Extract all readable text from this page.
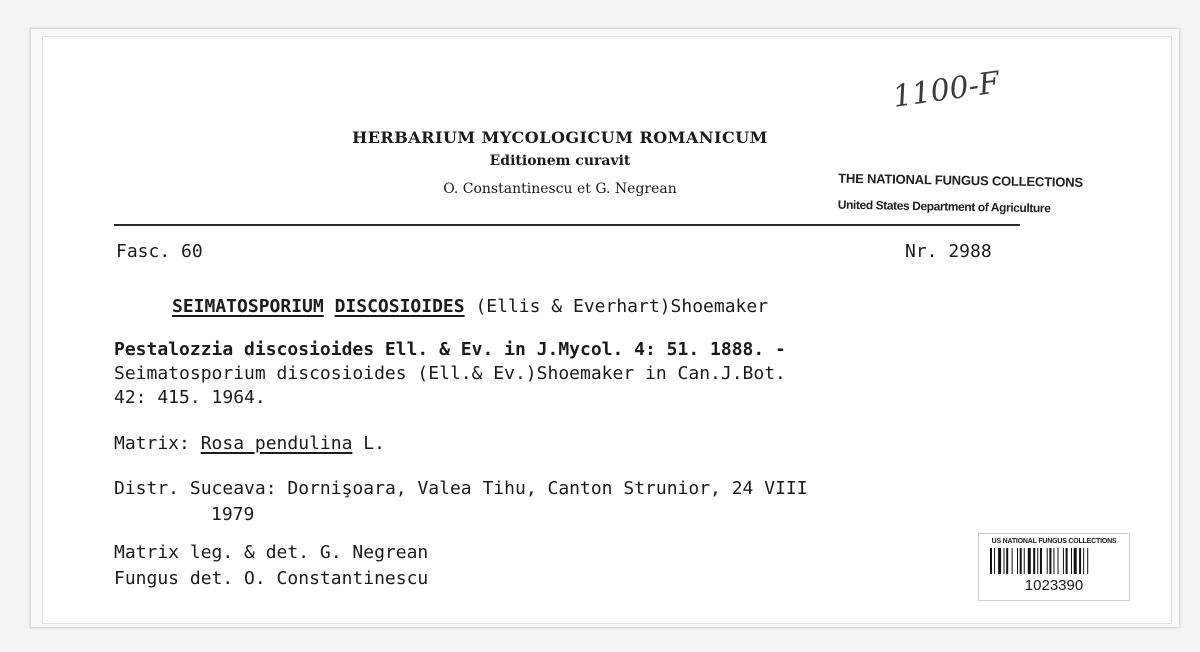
HERBARIUM MYCOLOGICUM ROMANICUM
Editionem curavit
O. Constantinescu et G. Negrean
1100-F
THE NATIONAL FUNGUS COLLECTIONS
United States Department of Agriculture
Fasc. 60	Nr. 2988
SEIMATOSPORIUM DISCOSIOIDES (Ellis & Everhart)Shoemaker
Pestalozzia discosioides Ell. & Ev. in J.Mycol. 4: 51. 1888. -
Seimatosporium discosioides (Ell.& Ev.)Shoemaker in Can.J.Bot.
42: 415. 1964.
Matrix: Rosa pendulina L.
Distr. Suceava: Dornişoara, Valea Tihu, Canton Strunior, 24 VIII
1979
Matrix leg. & det. G. Negrean
Fungus det. O. Constantinescu
US NATIONAL FUNGUS COLLECTIONS
1023390
